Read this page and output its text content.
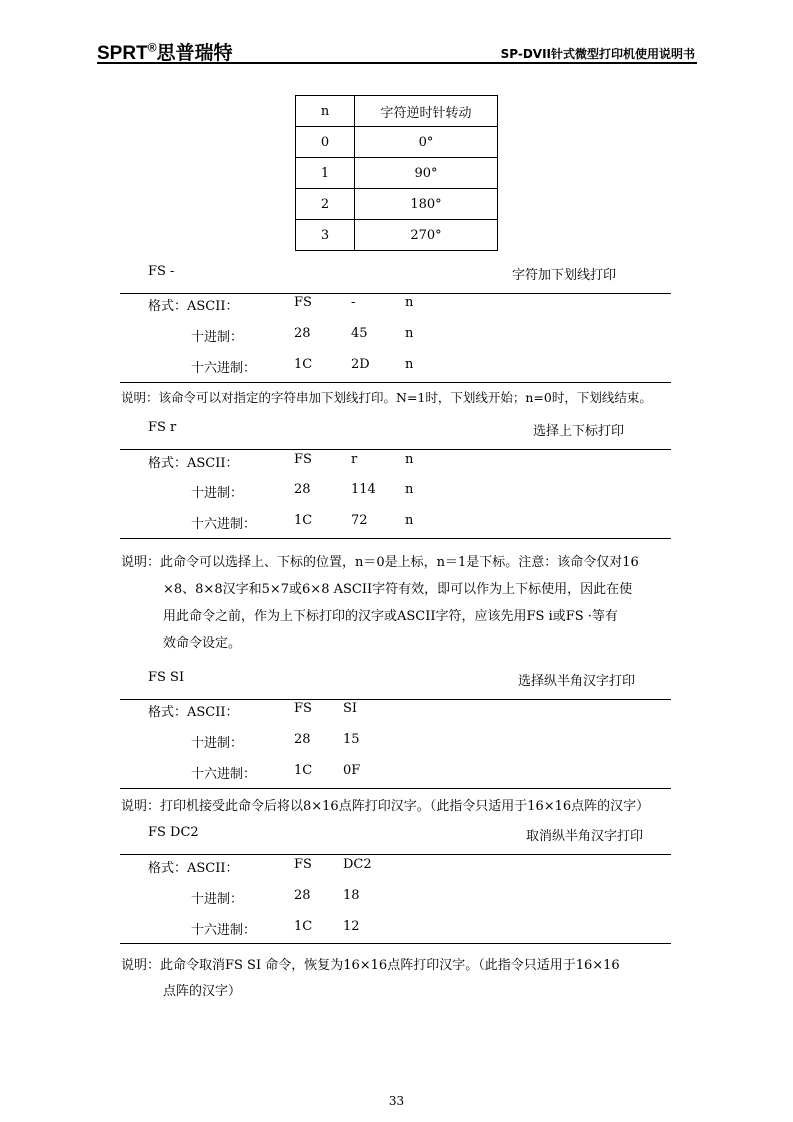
SPRT®思普瑞特	SP-DVII针式微型打印机使用说明书
n	字符逆时针转动
0	0°
1	90°
2	180°
3	270°
FS -	字符加下划线打印
格式：ASCII：	FS	-	n
十进制：	28	45	n
十六进制：	1C	2D	n
说明：该命令可以对指定的字符串加下划线打印。N=1时，下划线开始；n=0时，下划线结束。
FS r	选择上下标打印
格式：ASCII：	FS	r	n
十进制：	28	114 n
十六进制：	1C	72	n
说明：此命令可以选择上、下标的位置，n＝0是上标，n＝1是下标。注意：该命令仅对16
×8、8×8汉字和5×7或6×8 ASCII字符有效，即可以作为上下标使用，因此在使
用此命令之前，作为上下标打印的汉字或ASCII字符，应该先用FS i或FS ·等有
效命令设定。
FS SI	选择纵半角汉字打印
格式：ASCII：	FS SI
十进制：	28 15
十六进制：	1C 0F
说明：打印机接受此命令后将以8×16点阵打印汉字。（此指令只适用于16×16点阵的汉字）
FS DC2	取消纵半角汉字打印
格式：ASCII：	FS DC2
十进制：	28 18
十六进制：	1C 12
说明：此命令取消FS SI 命令，恢复为16×16点阵打印汉字。（此指令只适用于16×16
点阵的汉字）
33
